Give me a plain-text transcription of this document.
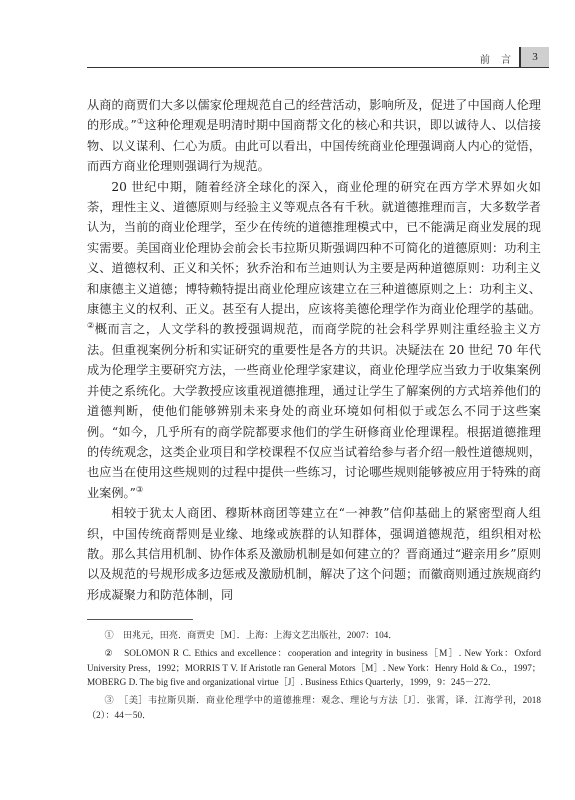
前 言	3

从商的商贾们大多以儒家伦理规范自己的经营活动，影响所及，促进了中国商人伦理的形成。”①这种伦理观是明清时期中国商帮文化的核心和共识，即以诚待人、以信接物、以义谋利、仁心为质。由此可以看出，中国传统商业伦理强调商人内心的觉悟，而西方商业伦理则强调行为规范。

20 世纪中期，随着经济全球化的深入，商业伦理的研究在西方学术界如火如荼，理性主义、道德原则与经验主义等观点各有千秋。就道德推理而言，大多数学者认为，当前的商业伦理学，至少在传统的道德推理模式中，已不能满足商业发展的现实需要。美国商业伦理协会前会长韦拉斯贝斯强调四种不可简化的道德原则：功利主义、道德权利、正义和关怀；狄乔治和布兰迪则认为主要是两种道德原则：功利主义和康德主义道德；博特赖特提出商业伦理应该建立在三种道德原则之上：功利主义、康德主义的权利、正义。甚至有人提出，应该将美德伦理学作为商业伦理学的基础。②概而言之，人文学科的教授强调规范，而商学院的社会科学界则注重经验主义方法。但重视案例分析和实证研究的重要性是各方的共识。决疑法在 20 世纪 70 年代成为伦理学主要研究方法，一些商业伦理学家建议，商业伦理学应当致力于收集案例并使之系统化。大学教授应该重视道德推理，通过让学生了解案例的方式培养他们的道德判断，使他们能够辨别未来身处的商业环境如何相似于或怎么不同于这些案例。“如今，几乎所有的商学院都要求他们的学生研修商业伦理课程。根据道德推理的传统观念，这类企业项目和学校课程不仅应当试着给参与者介绍一般性道德规则，也应当在使用这些规则的过程中提供一些练习，讨论哪些规则能够被应用于特殊的商业案例。”③

相较于犹太人商团、穆斯林商团等建立在“一神教”信仰基础上的紧密型商人组织，中国传统商帮则是业缘、地缘或族群的认知群体，强调道德规范，组织相对松散。那么其信用机制、协作体系及激励机制是如何建立的？晋商通过“避亲用乡”原则以及规范的号规形成多边惩戒及激励机制，解决了这个问题；而徽商则通过族规商约形成凝聚力和防范体制，同

①　田兆元，田亮．商贾史［M］．上海：上海文艺出版社，2007：104．

②　SOLOMON R C. Ethics and excellence：cooperation and integrity in business［M］. New York：Oxford University Press，1992；MORRIS T V. If Aristotle ran General Motors［M］. New York：Henry Hold & Co.，1997；MOBERG D. The big five and organizational virtue［J］. Business Ethics Quarterly，1999，9：245－272．

③　［美］韦拉斯贝斯．商业伦理学中的道德推理：观念、理论与方法［J］．张霄，译．江海学刊，2018（2）：44－50．
